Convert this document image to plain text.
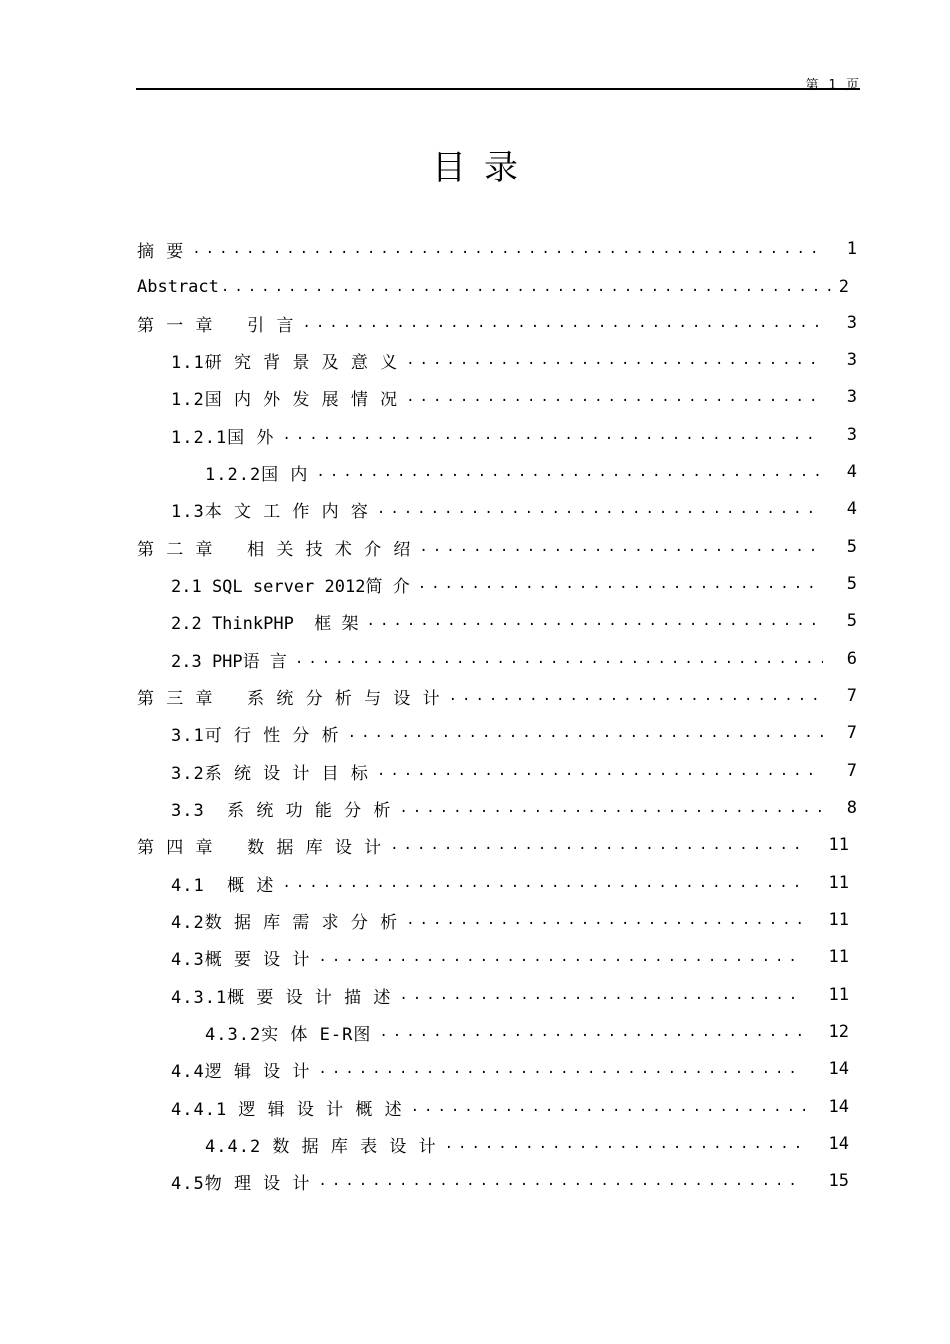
第 1 页
目录
摘 要 .....	1
Abstract .....	2
第 一 章   引 言 .....	3
1.1研 究 背 景 及 意 义 .....	3
1.2国 内 外 发 展 情 况 .....	3
1.2.1国 外 .....	3
1.2.2国 内 .....	4
1.3本 文 工 作 内 容 .....	4
第 二 章   相 关 技 术 介 绍 .....	5
2.1 SQL server 2012简 介 .....	5
2.2 ThinkPHP  框 架 .....	5
2.3 PHP语 言 .....	6
第 三 章   系 统 分 析 与 设 计 .....	7
3.1可 行 性 分 析 .....	7
3.2系 统 设 计 目 标 .....	7
3.3  系 统 功 能 分 析 .....	8
第 四 章   数 据 库 设 计 .....	11
4.1  概 述 .....	11
4.2数 据 库 需 求 分 析 .....	11
4.3概 要 设 计 .....	11
4.3.1概 要 设 计 描 述 .....	11
4.3.2实 体 E-R图 .....	12
4.4逻 辑 设 计 .....	14
4.4.1 逻 辑 设 计 概 述 .....	14
4.4.2 数 据 库 表 设 计 .....	14
4.5物 理 设 计 .....	15
